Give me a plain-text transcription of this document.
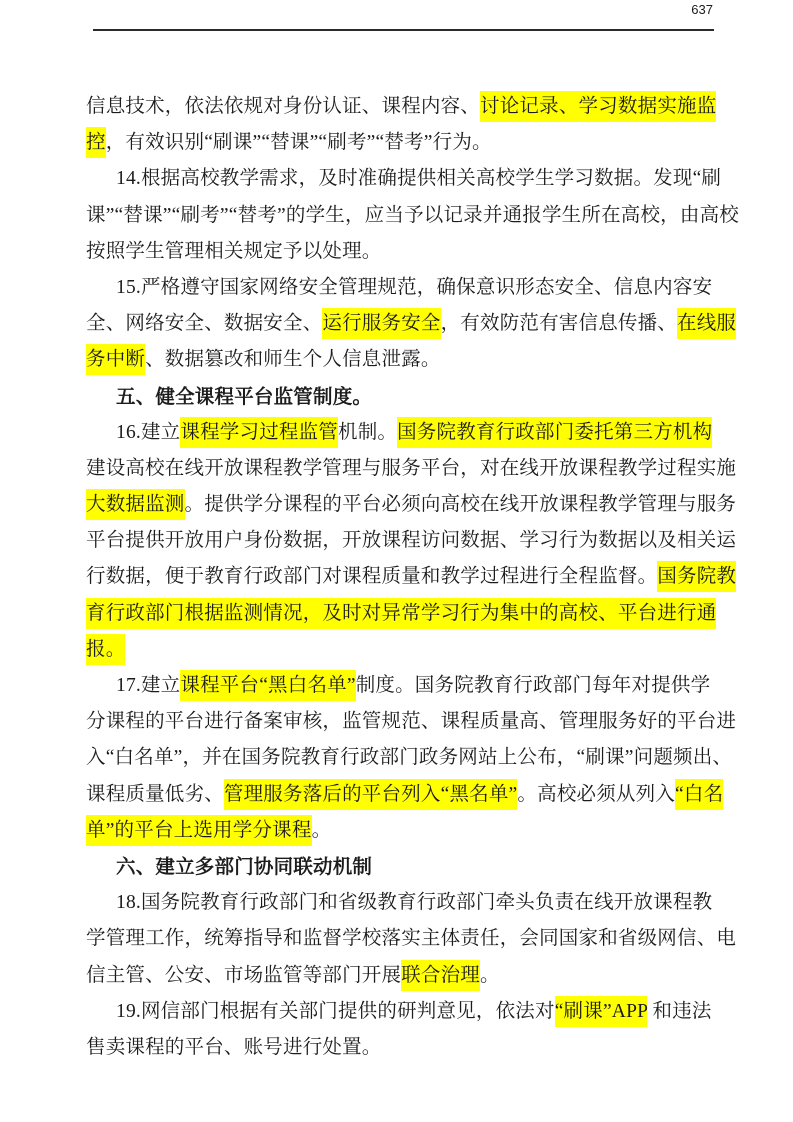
637
信息技术，依法依规对身份认证、课程内容、讨论记录、学习数据实施监
控，有效识别“刷课”“替课”“刷考”“替考”行为。
14.根据高校教学需求，及时准确提供相关高校学生学习数据。发现“刷
课”“替课”“刷考”“替考”的学生，应当予以记录并通报学生所在高校，由高校
按照学生管理相关规定予以处理。
15.严格遵守国家网络安全管理规范，确保意识形态安全、信息内容安
全、网络安全、数据安全、运行服务安全，有效防范有害信息传播、在线服
务中断、数据篡改和师生个人信息泄露。
五、健全课程平台监管制度。
16.建立课程学习过程监管机制。国务院教育行政部门委托第三方机构
建设高校在线开放课程教学管理与服务平台，对在线开放课程教学过程实施
大数据监测。提供学分课程的平台必须向高校在线开放课程教学管理与服务
平台提供开放用户身份数据，开放课程访问数据、学习行为数据以及相关运
行数据，便于教育行政部门对课程质量和教学过程进行全程监督。国务院教
育行政部门根据监测情况，及时对异常学习行为集中的高校、平台进行通
报。
17.建立课程平台“黑白名单”制度。国务院教育行政部门每年对提供学
分课程的平台进行备案审核，监管规范、课程质量高、管理服务好的平台进
入“白名单”，并在国务院教育行政部门政务网站上公布，“刷课”问题频出、
课程质量低劣、管理服务落后的平台列入“黑名单”。高校必须从列入“白名
单”的平台上选用学分课程。
六、建立多部门协同联动机制
18.国务院教育行政部门和省级教育行政部门牵头负责在线开放课程教
学管理工作，统筹指导和监督学校落实主体责任，会同国家和省级网信、电
信主管、公安、市场监管等部门开展联合治理。
19.网信部门根据有关部门提供的研判意见，依法对“刷课”APP 和违法
售卖课程的平台、账号进行处置。
